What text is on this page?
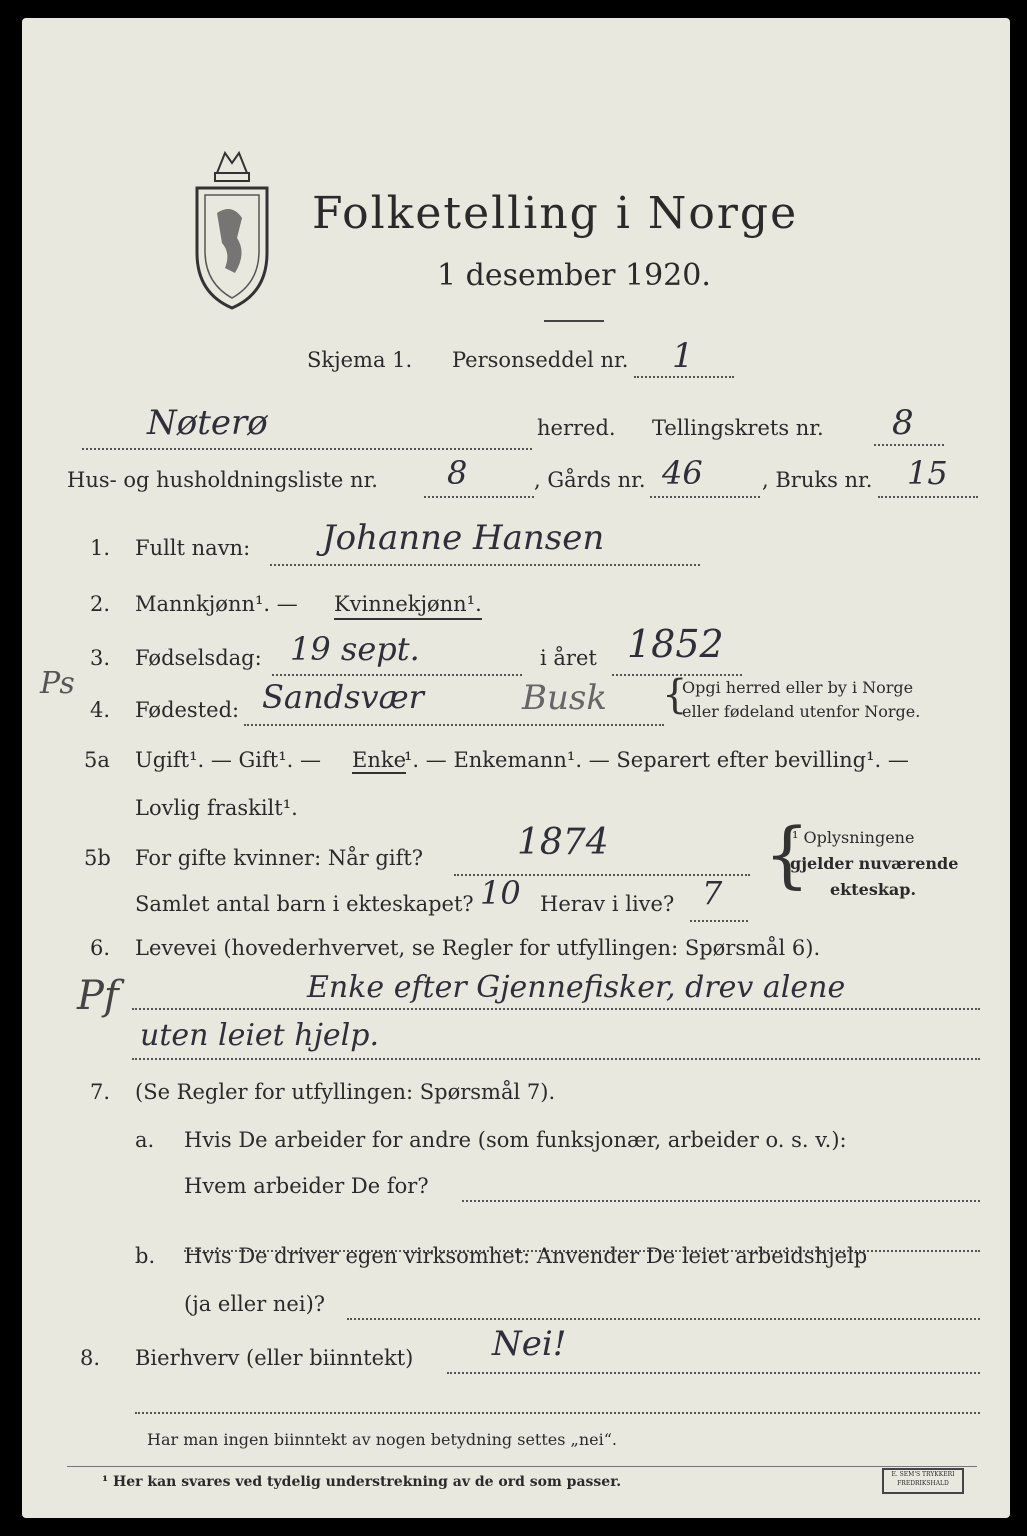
Folketelling i Norge
1 desember 1920.
Skjema 1. Personseddel nr. 1
Nøterø	herred. Tellingskrets nr. 8
Hus- og husholdningsliste nr. 8	, Gårds nr. 46	, Bruks nr. 15
1. Fullt navn: Johanne Hansen
2. Mannkjønn¹. — Kvinnekjønn¹.
3. Fødselsdag: 19 sept.	i året 1852
Ps
4. Fødested: Sandsvær	Busk {
Opgi herred eller by i Norge
eller fødeland utenfor Norge.
5a Ugift¹. — Gift¹. — Enke
¹. — Enkemann¹. — Separert efter bevilling¹. —
Lovlig fraskilt¹.
5b For gifte kvinner: Når gift?	1874
Samlet antal barn i ekteskapet? 10 Herav i live? 7 {
¹ Oplysningene
gjelder nuværende
ekteskap.
6. Levevei (hovederhvervet, se Regler for utfyllingen: Spørsmål 6).
Pf	Enke efter Gjennefisker, drev alene
uten leiet hjelp.
7. (Se Regler for utfyllingen: Spørsmål 7).
a. Hvis De arbeider for andre (som funksjonær, arbeider o. s. v.):
Hvem arbeider De for?
b. Hvis De driver egen virksomhet: Anvender De leiet arbeidshjelp
(ja eller nei)?
8. Bierhverv (eller biinntekt) Nei!
Har man ingen biinntekt av nogen betydning settes „nei“.
¹ Her kan svares ved tydelig understrekning av de ord som passer.	E. SEM'S TRYKKERI FREDRIKSHALD
